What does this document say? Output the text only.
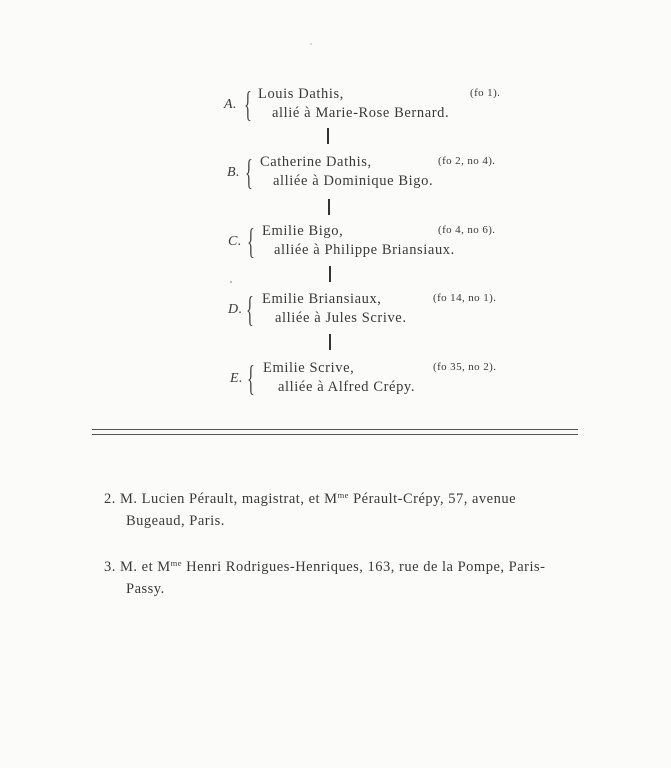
A. { Louis Dathis,
allié à Marie-Rose Bernard.
(fo 1).
B. { Catherine Dathis,
alliée à Dominique Bigo.
(fo 2, no 4).
C. { Emilie Bigo,
alliée à Philippe Briansiaux.
(fo 4, no 6).
D. { Emilie Briansiaux,
alliée à Jules Scrive.
(fo 14, no 1).
E. { Emilie Scrive,
alliée à Alfred Crépy.
(fo 35, no 2).
2. M. Lucien Pérault, magistrat, et $M^{me}$ Pérault-Crépy, 57, avenue
Bugeaud, Paris.
3. M. et $M^{me}$ Henri Rodrigues-Henriques, 163, rue de la Pompe, Paris-
Passy.
